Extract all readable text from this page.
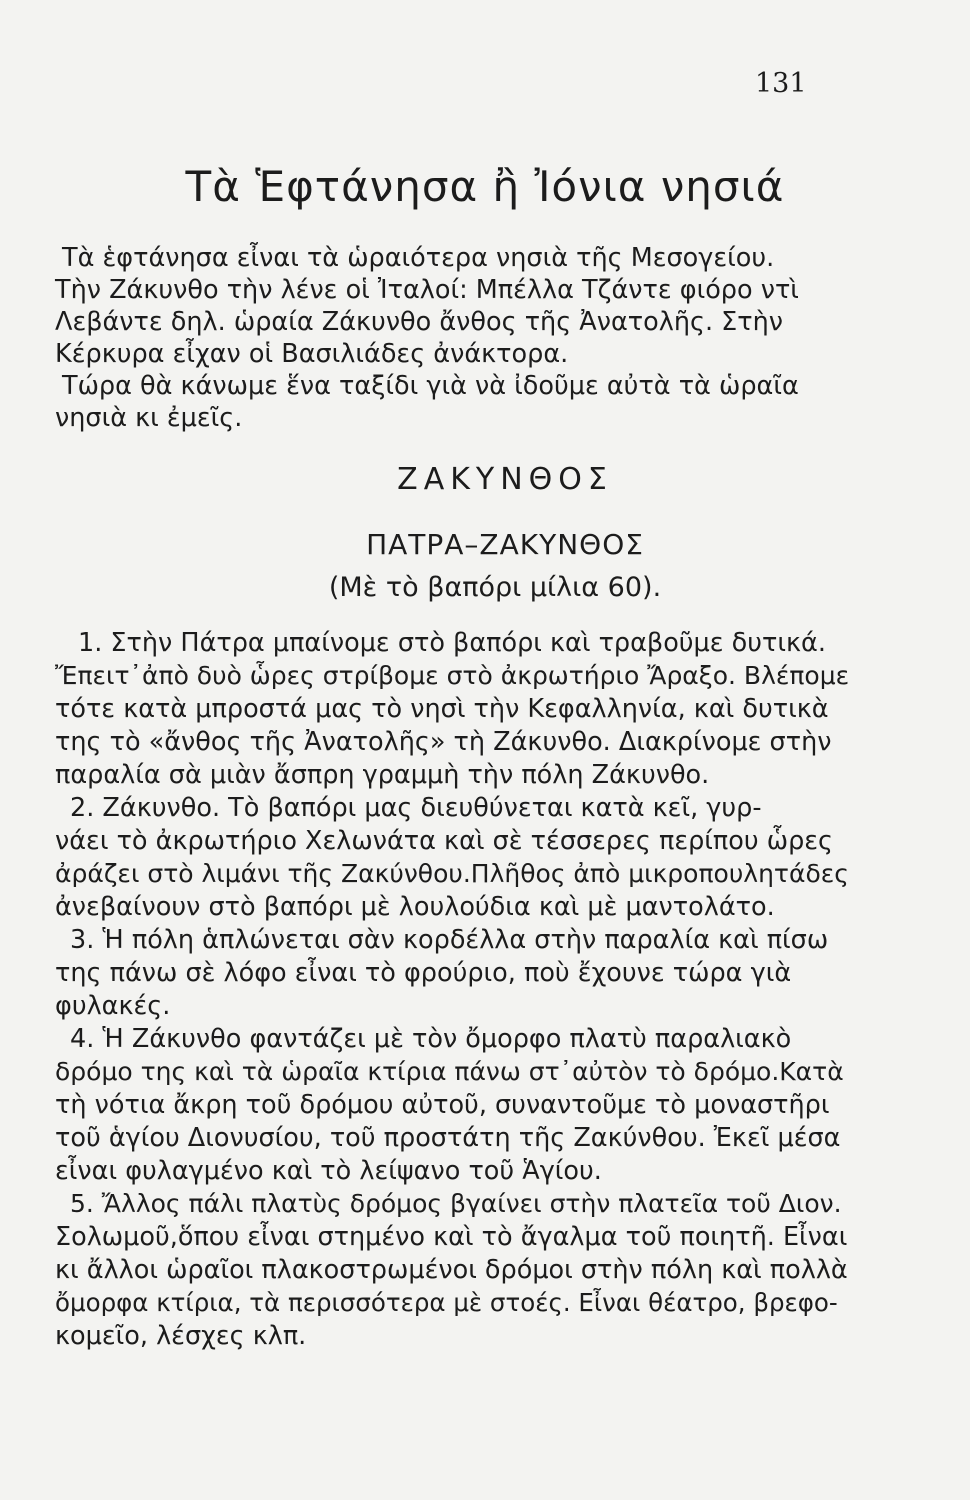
131
Τὰ Ἑφτάνησα ἢ Ἰόνια νησιά
Τὰ ἑφτάνησα εἶναι τὰ ὡραιότερα νησιὰ τῆς Μεσογείου.
Τὴν Ζάκυνθο τὴν λένε οἱ Ἰταλοί: Μπέλλα Τζάντε φιόρο ντὶ
Λεβάντε δηλ. ὡραία Ζάκυνθο ἄνθος τῆς Ἀνατολῆς. Στὴν
Κέρκυρα εἶχαν οἱ Βασιλιάδες ἀνάκτορα.
Τώρα θὰ κάνωμε ἕνα ταξίδι γιὰ νὰ ἰδοῦμε αὐτὰ τὰ ὡραῖα
νησιὰ κι ἐμεῖς.
ΖΑΚΥΝΘΟΣ
ΠΑΤΡΑ–ΖΑΚΥΝΘΟΣ
(Μὲ τὸ βαπόρι μίλια 60).
1. Στὴν Πάτρα μπαίνομε στὸ βαπόρι καὶ τραβοῦμε δυτικά.
Ἔπειτ᾽ἀπὸ δυὸ ὧρες στρίβομε στὸ ἀκρωτήριο Ἄραξο. Βλέπομε
τότε κατὰ μπροστά μας τὸ νησὶ τὴν Κεφαλληνία, καὶ δυτικὰ
της τὸ «ἄνθος τῆς Ἀνατολῆς» τὴ Ζάκυνθο. Διακρίνομε στὴν
παραλία σὰ μιὰν ἄσπρη γραμμὴ τὴν πόλη Ζάκυνθο.
2. Ζάκυνθο. Τὸ βαπόρι μας διευθύνεται κατὰ κεῖ, γυρ-
νάει τὸ ἀκρωτήριο Χελωνάτα καὶ σὲ τέσσερες περίπου ὧρες
ἀράζει στὸ λιμάνι τῆς Ζακύνθου.Πλῆθος ἀπὸ μικροπουλητάδες
ἀνεβαίνουν στὸ βαπόρι μὲ λουλούδια καὶ μὲ μαντολάτο.
3. Ἡ πόλη ἁπλώνεται σὰν κορδέλλα στὴν παραλία καὶ πίσω
της πάνω σὲ λόφο εἶναι τὸ φρούριο, ποὺ ἔχουνε τώρα γιὰ
φυλακές.
4. Ἡ Ζάκυνθο φαντάζει μὲ τὸν ὄμορφο πλατὺ παραλιακὸ
δρόμο της καὶ τὰ ὡραῖα κτίρια πάνω στ᾽αὐτὸν τὸ δρόμο.Κατὰ
τὴ νότια ἄκρη τοῦ δρόμου αὐτοῦ, συναντοῦμε τὸ μοναστῆρι
τοῦ ἁγίου Διονυσίου, τοῦ προστάτη τῆς Ζακύνθου. Ἐκεῖ μέσα
εἶναι φυλαγμένο καὶ τὸ λείψανο τοῦ Ἁγίου.
5. Ἄλλος πάλι πλατὺς δρόμος βγαίνει στὴν πλατεῖα τοῦ Διον.
Σολωμοῦ,ὅπου εἶναι στημένο καὶ τὸ ἄγαλμα τοῦ ποιητῆ. Εἶναι
κι ἄλλοι ὡραῖοι πλακοστρωμένοι δρόμοι στὴν πόλη καὶ πολλὰ
ὄμορφα κτίρια, τὰ περισσότερα μὲ στοές. Εἶναι θέατρο, βρεφο-
κομεῖο, λέσχες κλπ.
